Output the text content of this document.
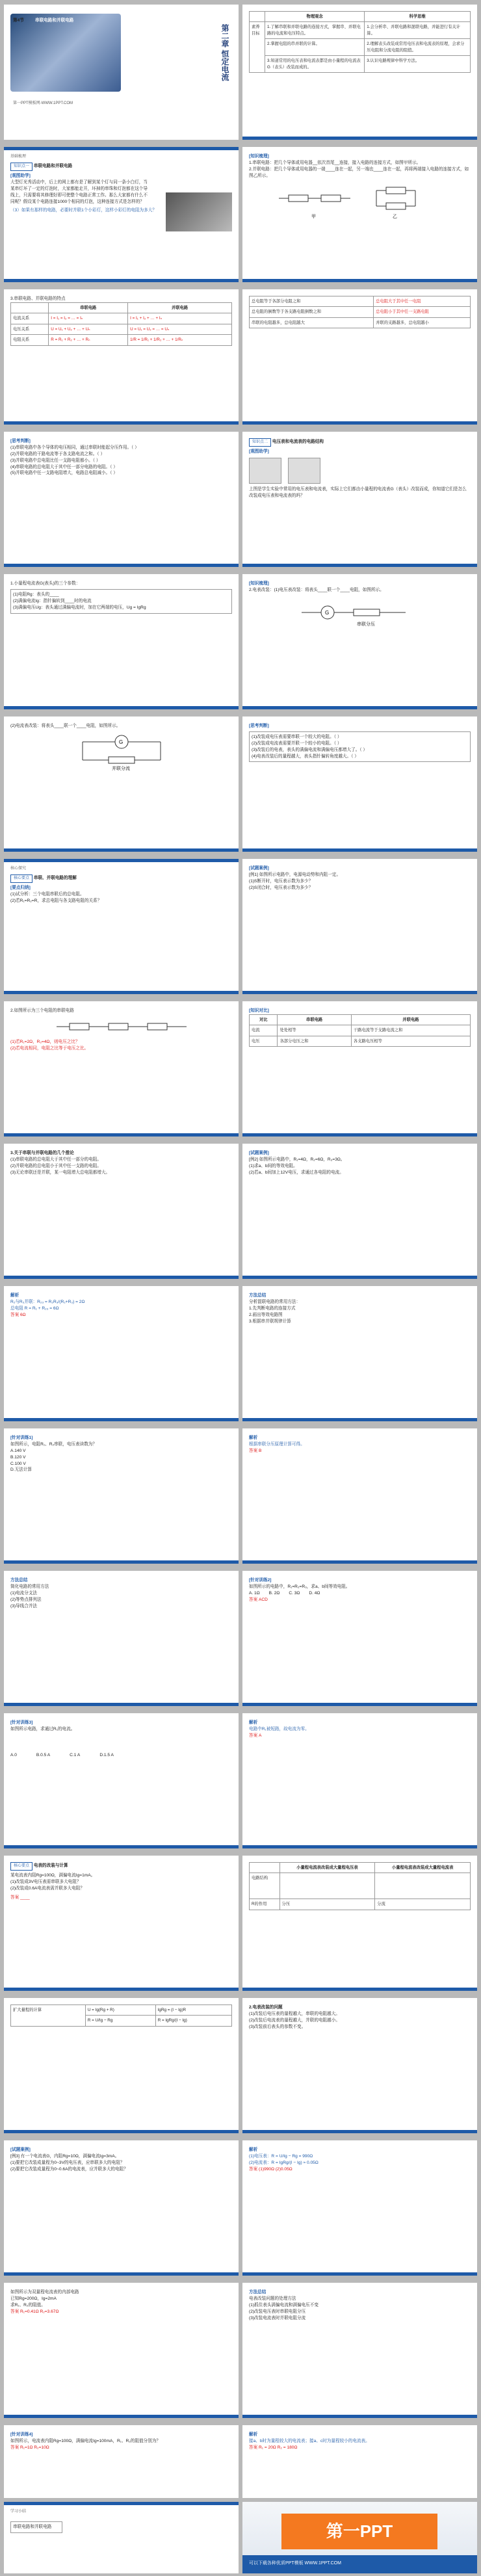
第4节	串联电路和并联电路
第二章 恒定电流
第一PPT模板网-WWW.1PPT.COM
	物理观念	科学思维
素养目标	1.了解串联和并联电路的连接方式，掌握串、并联电路的电流和电压特点。	1.会分析串、并联电路和混联电路，并能进行有关计算。
	2.掌握电阻的串并联的计算。	2.理解表头改装成常用电压表和电流表的原理，会求分压电阻和分流电阻的阻值。
	3.知道常用的电压表和电流表都是由小量程的电流表G（表头）改装而成的。	3.认识电路规律中科学方法。
基础梳理
知识点一 串联电路和并联电路
[观图助学]
大型灯光秀活动中，后上的网上都有是了解到某个灯与同一条小白灯，当某串灯坏了一定的灯泡时，大家都能走开，坏掉的串珠和灯泡都在这个导线上，只需要将其修理好即可使整个电路正常工作。那么大家都有什么不同呢？假设某个电路连接1000个相同的灯泡，这种连接方式是怎样的？
（3）如果有那样的电路，必要时并联1个小彩灯，这样小彩灯的电阻为多大？
[知识梳理]
1.串联电路：把几个导体或用电器__依次首尾__连接，接入电路的连接方式，如图甲所示。
2.并联电路：把几个导体或用电器的一端____连在一起，另一端也____连在一起，再将两端接入电路的连接方式，如图乙所示。
甲	乙
3.串联电路、并联电路的特点
	串联电路	并联电路
电流关系	I = I₁ = I₂ = … = Iₙ	I = I₁ + I₂ + … + Iₙ
电压关系	U = U₁ + U₂ + … + Uₙ	U = U₁ = U₂ = … = Uₙ
电阻关系	R = R₁ + R₂ + … + Rₙ	1/R = 1/R₁ + 1/R₂ + … + 1/Rₙ
总电阻等于各部分电阻之和	总电阻大于其中任一电阻
总电阻的倒数等于各支路电阻倒数之和	总电阻小于其中任一支路电阻
串联的电阻越多，总电阻越大	并联的支路越多，总电阻越小
[思考判断]
(1)串联电路中各个导体的电压相同，通过串联时能起分压作用。（ ）
(2)并联电路的干路电流等于各支路电流之和。（ ）
(3)并联电路中总电阻比任一支路电阻都小。（ ）
(4)串联电路的总电阻大于其中任一部分电路的电阻。（ ）
(5)并联电路中任一支路电阻增大，电路总电阻减小。（ ）
知识点二 电压表和电流表的电路结构
[观图助学]
上图是学生实验中常用的电压表和电流表，实际上它们都由小量程的电流表G（表头）改装而成，你知道它们是怎么改装成电压表和电流表的吗？
1.小量程电流表G(表头)的三个参数：
(1)电阻Rg：表头的____
(2)满偏电流Ig：指针偏转到____时的电流
(3)满偏电压Ug：表头通过满偏电流时，加在它两端的电压，Ug = IgRg
[知识梳理]
2.电表改装：(1)电压表改装：将表头____联一个____电阻，如图所示。
G
串联分压
(2)电流表改装：将表头____联一个____电阻，如图所示。
G
并联分流
[思考判断]
(1)改装成电压表需要串联一个较大的电阻。（ ）
(2)改装成电流表需要并联一个较小的电阻。（ ）
(3)改装后的电表，表头的满偏电流和满偏电压都增大了。（ ）
(4)电表改装后的量程越大，表头指针偏转角度越大。（ ）
核心探究
核心要点 串联、并联电路的理解
[要点归纳]
(1)试分析：三个电阻串联后的总电阻。
(2)若R₁=R₂=R，求总电阻与各支路电阻的关系？
[试题案例]
[例1] 如图所示电路中，电源电动势和内阻一定。
(1)S断开时，电压表示数为多少？
(2)S闭合时，电压表示数为多少？
2.如图所示为三个电阻的串联电路
(1)若R₁=2Ω，R₂=4Ω，则电压之比？
(2)若电流相同，电阻之比等于电压之比。
[知识对比]
对比	串联电路	并联电路
电流	处处相等	干路电流等于支路电流之和
电压	各部分电压之和	各支路电压相等
3.关于串联与并联电路的几个推论
(1)串联电路的总电阻大于其中任一部分的电阻。
(2)并联电路的总电阻小于其中任一支路的电阻。
(3)无论串联还是并联，某一电阻增大总电阻都增大。
[试题案例]
[例2] 如图所示电路中，R₁=4Ω，R₂=6Ω，R₃=3Ω。
(1)求a、b间的等效电阻。
(2)若a、b间加上12V电压，求通过各电阻的电流。
解析
R₂与R₃并联：R₂₃ = R₂R₃/(R₂+R₃) = 2Ω
总电阻 R = R₁ + R₂₃ = 6Ω
答案 6Ω
方法总结
分析混联电路的常用方法：
1.先判断电路的连接方式
2.画出等效电路图
3.根据串并联规律计算
[针对训练1]
如图所示，电阻R₁、R₂串联，电压表读数为？
A.140 V
B.120 V
C.100 V
D.无法计算
解析
根据串联分压原理计算可得。
答案 B
方法总结
简化电路的常用方法
(1)电流分支法
(2)等势点排列法
(3)导线合并法
[针对训练2]
如图所示的电路中，R₁=R₂=R₃，求a、b间等效电阻。
A. 1Ω B. 2Ω C. 3Ω D. 4Ω
答案 ACD
[针对训练3]
如图所示电路，求通过R₁的电流。
A.0	B.0.5 A	C.1 A	D.1.5 A
解析
电路中R₁被短路，故电流为零。
答案 A
核心要点 电表的改装与计算
某电流表内阻Rg=100Ω，满偏电流Ig=1mA。
(1)改装成3V电压表需串联多大电阻？
(2)改装成0.6A电流表需并联多大电阻？
答案 ____
	小量程电流表改装成大量程电压表	小量程电流表改装成大量程电流表
电路结构		
R的作用	分压	分流
扩大量程的计算	U = Ig(Rg + R)	IgRg = (I − Ig)R
	R = U/Ig − Rg	R = IgRg/(I − Ig)
2.电表改装的问题
(1)改装后电压表的量程越大，串联的电阻越大。
(2)改装后电流表的量程越大，并联的电阻越小。
(3)改装前后表头的参数不变。
[试题案例]
[例3] 有一个电流表G，内阻Rg=10Ω，满偏电流Ig=3mA。
(1)要把它改装成量程为0~3V的电压表，应串联多大的电阻？
(2)要把它改装成量程为0~0.6A的电流表，应并联多大的电阻？
解析
(1)电压表：R = U/Ig − Rg = 990Ω
(2)电流表：R = IgRg/(I − Ig) ≈ 0.05Ω
答案 (1)990Ω (2)0.05Ω
如图所示为双量程电流表的内部电路
已知Rg=200Ω，Ig=2mA
求R₁、R₂的阻值。
答案 R₁=0.41Ω R₂=3.67Ω
方法总结
电表改装问题的处理方法
(1)抓住表头满偏电流和满偏电压不变
(2)改装电压表时串联电阻分压
(3)改装电流表时并联电阻分流
[针对训练4]
如图所示，电流表内阻Rg=100Ω，满偏电流Ig=100mA，R₁、R₂的阻值分别为？
答案 R₁=1Ω R₂=10Ω
解析
接a、b时为量程较大的电流表；接a、c时为量程较小的电流表。
答案 R₁ = 20Ω R₂ = 180Ω
学习小结
串联电路和并联电路	第一PPT
可以下载各种优质PPT模板 WWW.1PPT.COM
